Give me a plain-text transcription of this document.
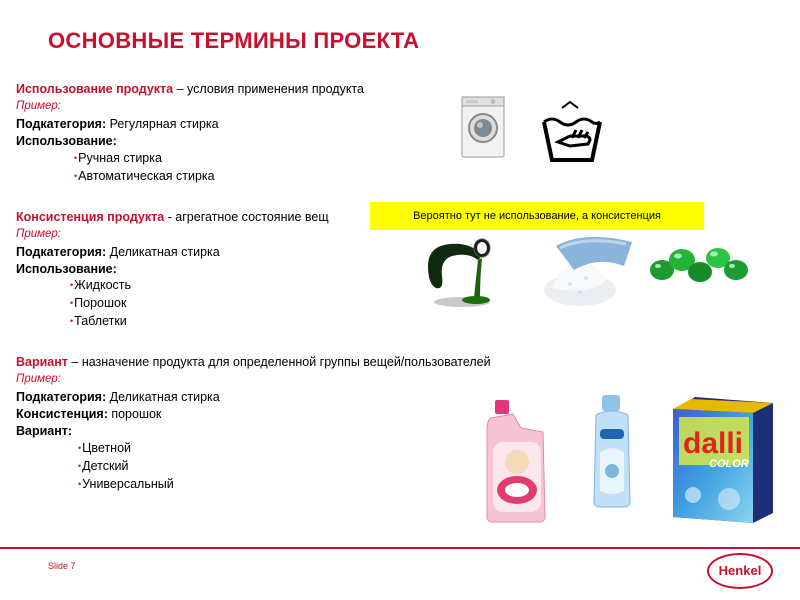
ОСНОВНЫЕ ТЕРМИНЫ ПРОЕКТА
Использование продукта – условия применения продукта
Пример:
Подкатегория: Регулярная стирка
Использование:
• Ручная стирка
• Автоматическая стирка
Консистенция продукта - агрегатное состояние вещ
Пример:
Подкатегория: Деликатная стирка
Использование:
• Жидкость
• Порошок
• Таблетки
Вероятно тут не использование, а консистенция
Вариант – назначение продукта для определенной группы вещей/пользователей
Пример:
Подкатегория: Деликатная стирка
Консистенция: порошок
Вариант:
• Цветной
• Детский
• Универсальный
dalli
COLOR
Slide 7	Henkel
